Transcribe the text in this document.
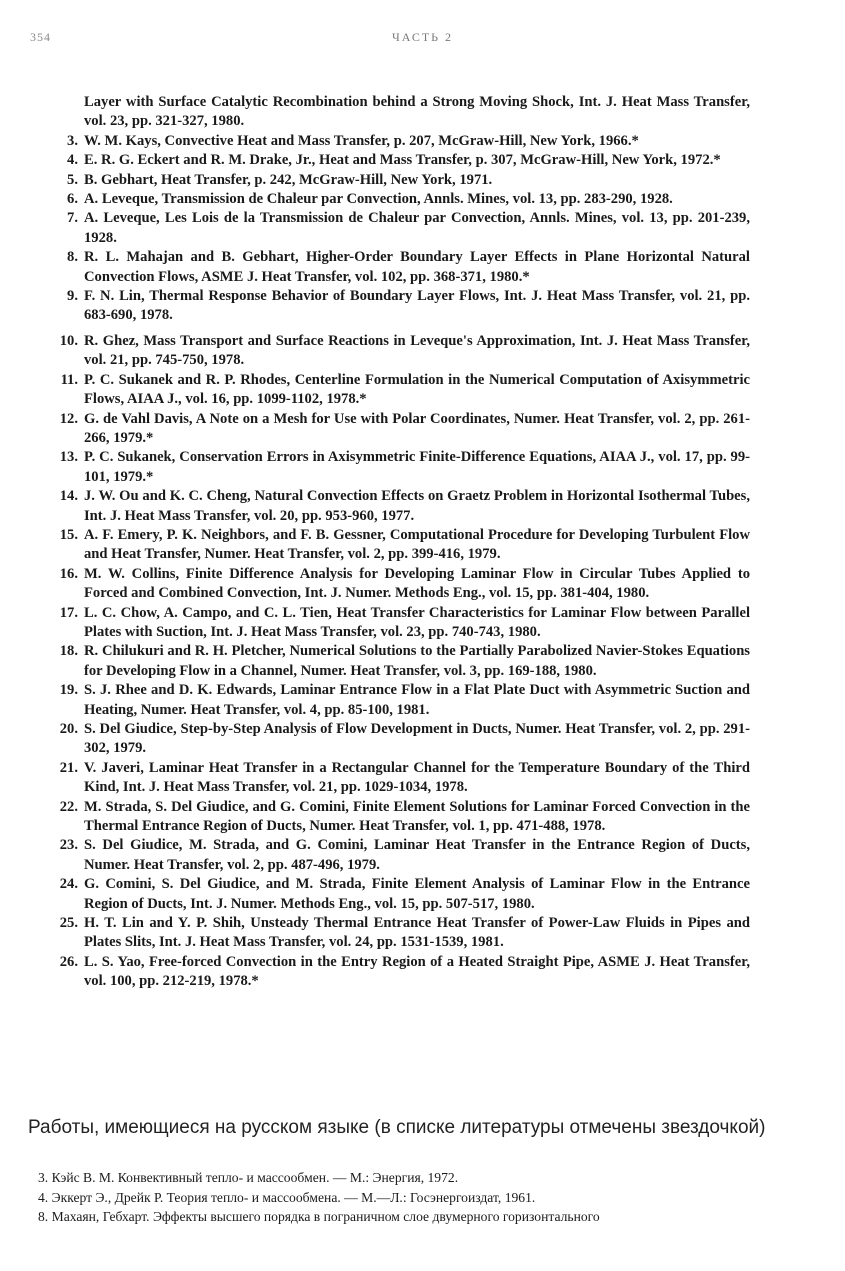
354	ЧАСТЬ 2
Layer with Surface Catalytic Recombination behind a Strong Moving Shock, Int. J. Heat Mass Transfer, vol. 23, pp. 321-327, 1980.
3. W. M. Kays, Convective Heat and Mass Transfer, p. 207, McGraw-Hill, New York, 1966.*
4. E. R. G. Eckert and R. M. Drake, Jr., Heat and Mass Transfer, p. 307, McGraw-Hill, New York, 1972.*
5. B. Gebhart, Heat Transfer, p. 242, McGraw-Hill, New York, 1971.
6. A. Leveque, Transmission de Chaleur par Convection, Annls. Mines, vol. 13, pp. 283-290, 1928.
7. A. Leveque, Les Lois de la Transmission de Chaleur par Convection, Annls. Mines, vol. 13, pp. 201-239, 1928.
8. R. L. Mahajan and B. Gebhart, Higher-Order Boundary Layer Effects in Plane Horizontal Natural Convection Flows, ASME J. Heat Transfer, vol. 102, pp. 368-371, 1980.*
9. F. N. Lin, Thermal Response Behavior of Boundary Layer Flows, Int. J. Heat Mass Transfer, vol. 21, pp. 683-690, 1978.
10. R. Ghez, Mass Transport and Surface Reactions in Leveque's Approximation, Int. J. Heat Mass Transfer, vol. 21, pp. 745-750, 1978.
11. P. C. Sukanek and R. P. Rhodes, Centerline Formulation in the Numerical Computation of Axisymmetric Flows, AIAA J., vol. 16, pp. 1099-1102, 1978.*
12. G. de Vahl Davis, A Note on a Mesh for Use with Polar Coordinates, Numer. Heat Transfer, vol. 2, pp. 261-266, 1979.*
13. P. C. Sukanek, Conservation Errors in Axisymmetric Finite-Difference Equations, AIAA J., vol. 17, pp. 99-101, 1979.*
14. J. W. Ou and K. C. Cheng, Natural Convection Effects on Graetz Problem in Horizontal Isothermal Tubes, Int. J. Heat Mass Transfer, vol. 20, pp. 953-960, 1977.
15. A. F. Emery, P. K. Neighbors, and F. B. Gessner, Computational Procedure for Developing Turbulent Flow and Heat Transfer, Numer. Heat Transfer, vol. 2, pp. 399-416, 1979.
16. M. W. Collins, Finite Difference Analysis for Developing Laminar Flow in Circular Tubes Applied to Forced and Combined Convection, Int. J. Numer. Methods Eng., vol. 15, pp. 381-404, 1980.
17. L. C. Chow, A. Campo, and C. L. Tien, Heat Transfer Characteristics for Laminar Flow between Parallel Plates with Suction, Int. J. Heat Mass Transfer, vol. 23, pp. 740-743, 1980.
18. R. Chilukuri and R. H. Pletcher, Numerical Solutions to the Partially Parabolized Navier-Stokes Equations for Developing Flow in a Channel, Numer. Heat Transfer, vol. 3, pp. 169-188, 1980.
19. S. J. Rhee and D. K. Edwards, Laminar Entrance Flow in a Flat Plate Duct with Asymmetric Suction and Heating, Numer. Heat Transfer, vol. 4, pp. 85-100, 1981.
20. S. Del Giudice, Step-by-Step Analysis of Flow Development in Ducts, Numer. Heat Transfer, vol. 2, pp. 291-302, 1979.
21. V. Javeri, Laminar Heat Transfer in a Rectangular Channel for the Temperature Boundary of the Third Kind, Int. J. Heat Mass Transfer, vol. 21, pp. 1029-1034, 1978.
22. M. Strada, S. Del Giudice, and G. Comini, Finite Element Solutions for Laminar Forced Convection in the Thermal Entrance Region of Ducts, Numer. Heat Transfer, vol. 1, pp. 471-488, 1978.
23. S. Del Giudice, M. Strada, and G. Comini, Laminar Heat Transfer in the Entrance Region of Ducts, Numer. Heat Transfer, vol. 2, pp. 487-496, 1979.
24. G. Comini, S. Del Giudice, and M. Strada, Finite Element Analysis of Laminar Flow in the Entrance Region of Ducts, Int. J. Numer. Methods Eng., vol. 15, pp. 507-517, 1980.
25. H. T. Lin and Y. P. Shih, Unsteady Thermal Entrance Heat Transfer of Power-Law Fluids in Pipes and Plates Slits, Int. J. Heat Mass Transfer, vol. 24, pp. 1531-1539, 1981.
26. L. S. Yao, Free-forced Convection in the Entry Region of a Heated Straight Pipe, ASME J. Heat Transfer, vol. 100, pp. 212-219, 1978.*
Работы, имеющиеся на русском языке (в списке литературы отмечены звездочкой)
3. Кэйс В. М. Конвективный тепло- и массообмен. — М.: Энергия, 1972.
4. Эккерт Э., Дрейк Р. Теория тепло- и массообмена. — М.—Л.: Госэнергоиздат, 1961.
8. Махаян, Гебхарт. Эффекты высшего порядка в пограничном слое двумерного горизонтального
